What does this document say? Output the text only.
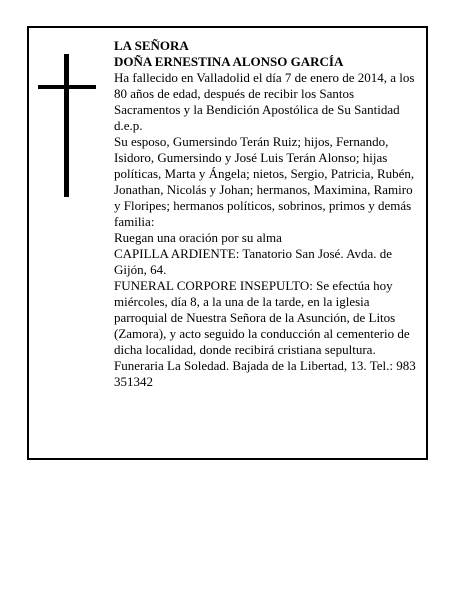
LA SEÑORA
DOÑA ERNESTINA ALONSO GARCÍA

Ha fallecido en Valladolid el día 7 de enero de 2014, a los 80 años de edad, después de recibir los Santos Sacramentos y la Bendición Apostólica de Su Santidad d.e.p.

Su esposo, Gumersindo Terán Ruiz; hijos, Fernando, Isidoro, Gumersindo y José Luis Terán Alonso; hijas políticas, Marta y Ángela; nietos, Sergio, Patricia, Rubén, Jonathan, Nicolás y Johan; hermanos, Maximina, Ramiro y Floripes; hermanos políticos, sobrinos, primos y demás familia:

Ruegan una oración por su alma

CAPILLA ARDIENTE: Tanatorio San José. Avda. de Gijón, 64.

FUNERAL CORPORE INSEPULTO: Se efectúa hoy miércoles, día 8, a la una de la tarde, en la iglesia parroquial de Nuestra Señora de la Asunción, de Litos (Zamora), y acto seguido la conducción al cementerio de dicha localidad, donde recibirá cristiana sepultura.

Funeraria La Soledad. Bajada de la Libertad, 13. Tel.: 983 351342
